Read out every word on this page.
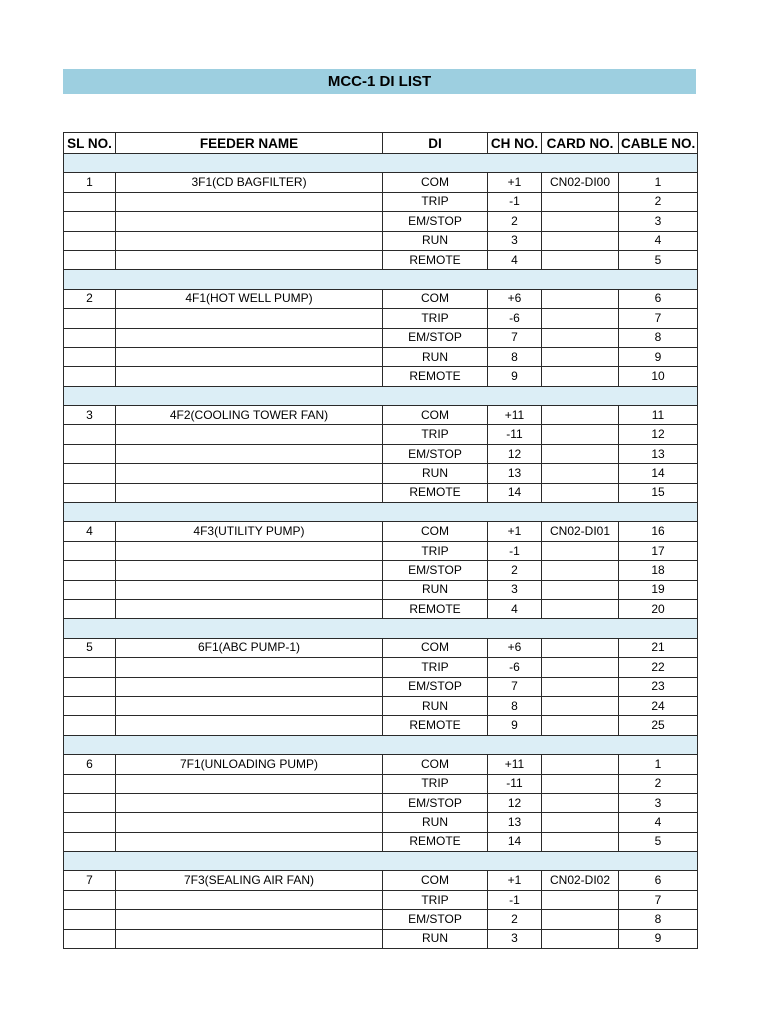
MCC-1 DI LIST
SL NO.	FEEDER NAME	DI	CH NO.	CARD NO.	CABLE NO.

1	3F1(CD BAGFILTER)	COM	+1	CN02-DI00	1
		TRIP	-1		2
		EM/STOP	2		3
		RUN	3		4
		REMOTE	4		5

2	4F1(HOT WELL PUMP)	COM	+6		6
		TRIP	-6		7
		EM/STOP	7		8
		RUN	8		9
		REMOTE	9		10

3	4F2(COOLING TOWER FAN)	COM	+11		11
		TRIP	-11		12
		EM/STOP	12		13
		RUN	13		14
		REMOTE	14		15

4	4F3(UTILITY PUMP)	COM	+1	CN02-DI01	16
		TRIP	-1		17
		EM/STOP	2		18
		RUN	3		19
		REMOTE	4		20

5	6F1(ABC PUMP-1)	COM	+6		21
		TRIP	-6		22
		EM/STOP	7		23
		RUN	8		24
		REMOTE	9		25

6	7F1(UNLOADING PUMP)	COM	+11		1
		TRIP	-11		2
		EM/STOP	12		3
		RUN	13		4
		REMOTE	14		5

7	7F3(SEALING AIR FAN)	COM	+1	CN02-DI02	6
		TRIP	-1		7
		EM/STOP	2		8
		RUN	3		9
